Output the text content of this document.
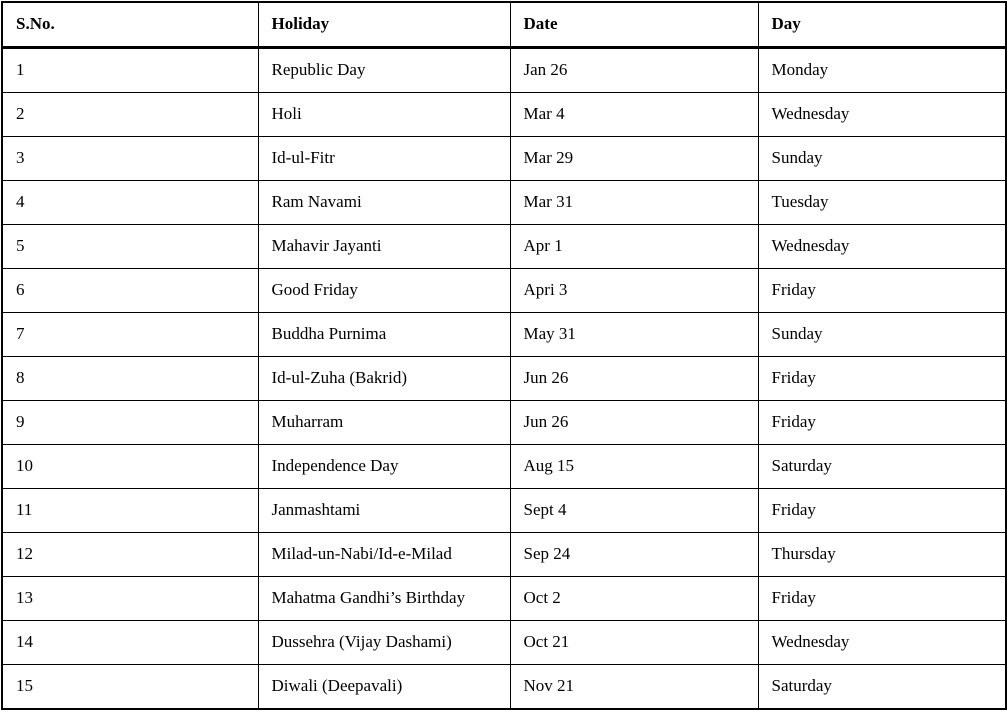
S.No.	Holiday	Date	Day
1	Republic Day	Jan 26	Monday
2	Holi	Mar 4	Wednesday
3	Id-ul-Fitr	Mar 29	Sunday
4	Ram Navami	Mar 31	Tuesday
5	Mahavir Jayanti	Apr 1	Wednesday
6	Good Friday	Apri 3	Friday
7	Buddha Purnima	May 31	Sunday
8	Id-ul-Zuha (Bakrid)	Jun 26	Friday
9	Muharram	Jun 26	Friday
10	Independence Day	Aug 15	Saturday
11	Janmashtami	Sept 4	Friday
12	Milad-un-Nabi/Id-e-Milad	Sep 24	Thursday
13	Mahatma Gandhi’s Birthday	Oct 2	Friday
14	Dussehra (Vijay Dashami)	Oct 21	Wednesday
15	Diwali (Deepavali)	Nov 21	Saturday
